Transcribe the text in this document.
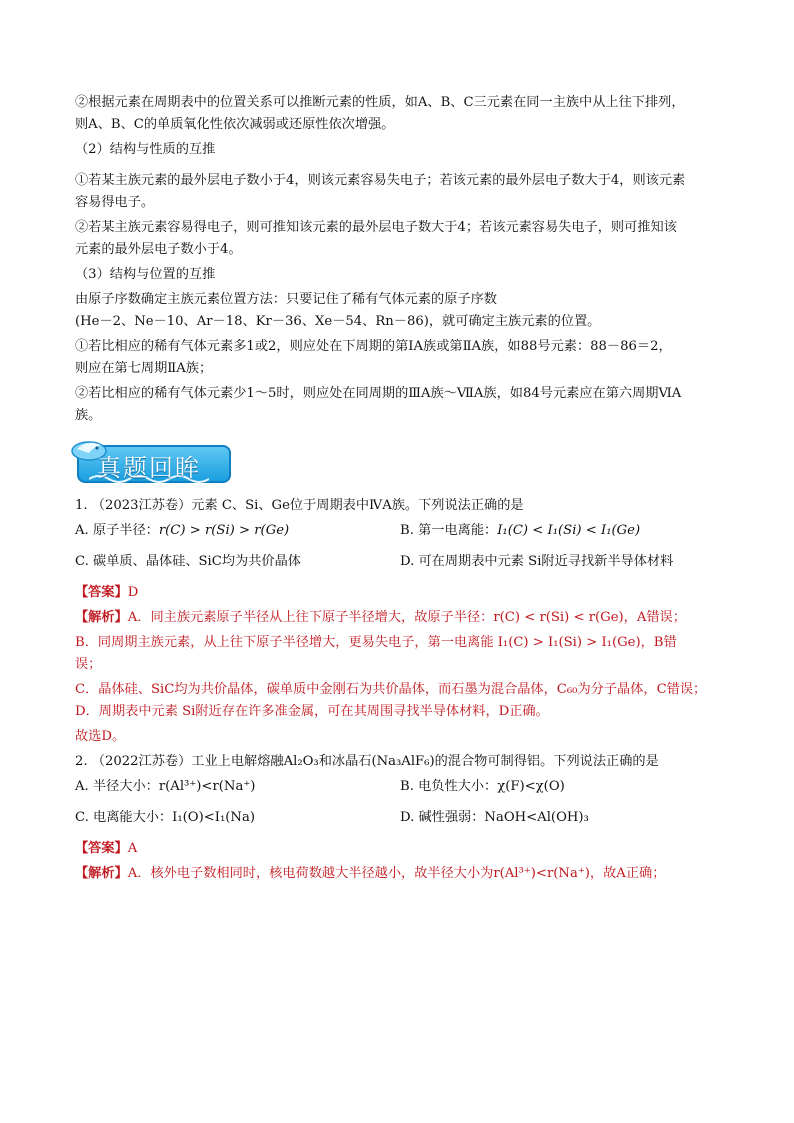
②根据元素在周期表中的位置关系可以推断元素的性质，如A、B、C三元素在同一主族中从上往下排列，
则A、B、C的单质氧化性依次减弱或还原性依次增强。
（2）结构与性质的互推
①若某主族元素的最外层电子数小于4，则该元素容易失电子；若该元素的最外层电子数大于4，则该元素
容易得电子。
②若某主族元素容易得电子，则可推知该元素的最外层电子数大于4；若该元素容易失电子，则可推知该
元素的最外层电子数小于4。
（3）结构与位置的互推
由原子序数确定主族元素位置方法：只要记住了稀有气体元素的原子序数
(He－2、Ne－10、Ar－18、Kr－36、Xe－54、Rn－86)，就可确定主族元素的位置。
①若比相应的稀有气体元素多1或2，则应处在下周期的第ⅠA族或第ⅡA族，如88号元素：88－86＝2，
则应在第七周期ⅡA族；
②若比相应的稀有气体元素少1～5时，则应处在同周期的ⅢA族～ⅦA族，如84号元素应在第六周期ⅥA
族。
真题回眸
1. （2023江苏卷）元素 C、Si、Ge位于周期表中ⅣA族。下列说法正确的是
A. 原子半径：r(C) > r(Si) > r(Ge)	B. 第一电离能：I₁(C) < I₁(Si) < I₁(Ge)
C. 碳单质、晶体硅、SiC均为共价晶体	D. 可在周期表中元素 Si附近寻找新半导体材料
【答案】D
【解析】A．同主族元素原子半径从上往下原子半径增大，故原子半径：r(C) < r(Si) < r(Ge)，A错误；
B．同周期主族元素，从上往下原子半径增大，更易失电子，第一电离能 I₁(C) > I₁(Si) > I₁(Ge)，B错
误；
C．晶体硅、SiC均为共价晶体，碳单质中金刚石为共价晶体，而石墨为混合晶体，C₆₀为分子晶体，C错误；
D．周期表中元素 Si附近存在许多准金属，可在其周围寻找半导体材料，D正确。
故选D。
2. （2022江苏卷）工业上电解熔融Al₂O₃和冰晶石(Na₃AlF₆)的混合物可制得铝。下列说法正确的是
A. 半径大小：r(Al³⁺)<r(Na⁺)	B. 电负性大小：χ(F)<χ(O)
C. 电离能大小：I₁(O)<I₁(Na)	D. 碱性强弱：NaOH<Al(OH)₃
【答案】A
【解析】A．核外电子数相同时，核电荷数越大半径越小，故半径大小为r(Al³⁺)<r(Na⁺)，故A正确；
